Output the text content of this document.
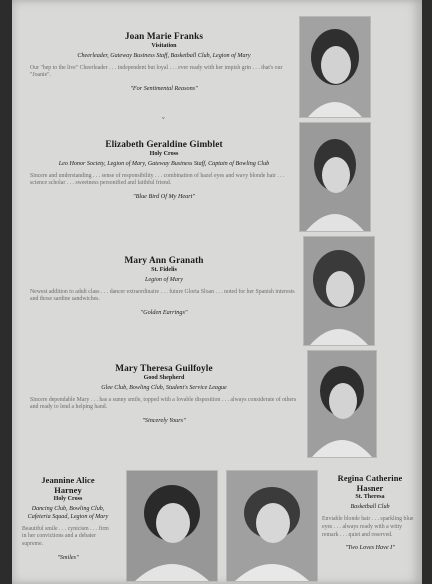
Joan Marie Franks
Visitation
Cheerleader, Gateway Business Staff, Basketball Club, Legion of Mary
Our "hep to the live" Cheerleader . . . independent but loyal . . . ever ready with her impish grin . . . that's our "Joanie".
"For Sentimental Reasons"
ˇ
Elizabeth Geraldine Gimblet
Holy Cross
Leo Honor Society, Legion of Mary, Gateway Business Staff, Captain of Bowling Club
Sincere and understanding . . . sense of responsibility . . . combination of hazel eyes and wavy blonde hair . . . science scholar . . . sweetness personified and faithful friend.
"Blue Bird Of My Heart"
Mary Ann Granath
St. Fidelis
Legion of Mary
Newest addition to adult class . . . dancer extraordinaire . . . future Gloria Sloan . . . noted for her Spanish interests and those sardine sandwiches.
"Golden Earrings"
Mary Theresa Guilfoyle
Good Shepherd
Glee Club, Bowling Club, Student's Service League
Sincere dependable Mary . . . has a sunny smile, topped with a lovable disposition . . . always considerate of others and ready to lend a helping hand.
"Sincerely Yours"
Jeannine Alice
Harney
Holy Cross
Dancing Club, Bowling Club, Cafeteria Squad, Legion of Mary
Beautiful smile . . . cynicism . . . firm in her convictions and a debater supreme.
"Smiles"
Regina Catherine
Hasner
St. Theresa
Basketball Club
Enviable blonde hair . . . sparkling blue eyes . . . always ready with a witty remark . . . quiet and reserved.
"Two Loves Have I"
